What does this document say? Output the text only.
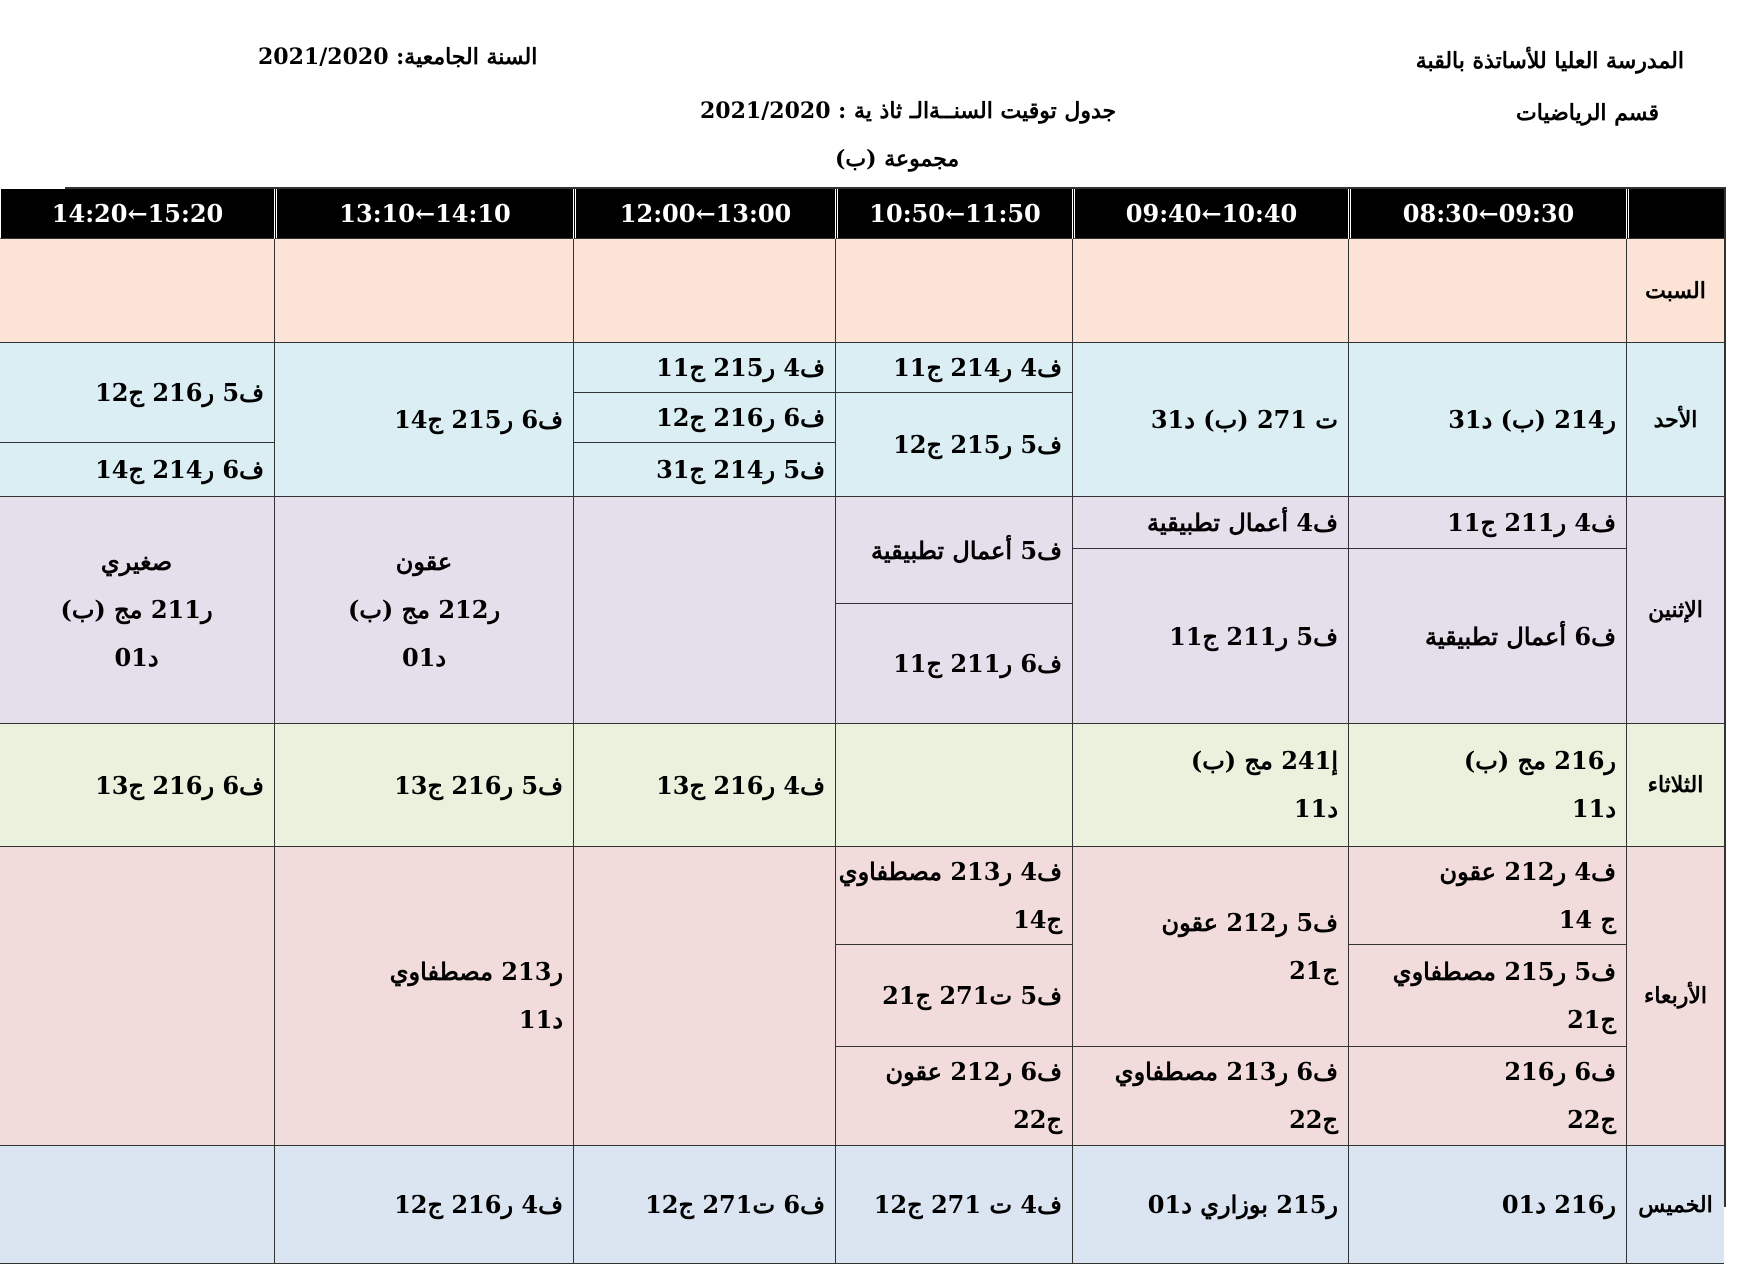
المدرسة العليا للأساتذة بالقبة
السنة الجامعية: 2021/2020
قسم الرياضيات
جدول توقيت السنــةالـ ثاذ ية : 2021/2020
مجموعة (ب)
09:30←08:30
10:40←09:40
11:50←10:50
13:00←12:00
14:10←13:10
15:20←14:20
السبت
الأحد
ر214 (ب) د31
ت 271 (ب) د31
ف4 ر214 ج11
ف5 ر215 ج12
ف4 ر215 ج11
ف6 ر216 ج12
ف5 ر214 ج31
ف6 ر215 ج14
ف5 ر216 ج12
ف6 ر214 ج14
الإثنين
ف4 ر211 ج11
ف6 أعمال تطبيقية
ف4 أعمال تطبيقية
ف5 ر211 ج11
ف5 أعمال تطبيقية
ف6 ر211 ج11
عقون
ر212 مج (ب)
د01
صغيري
ر211 مج (ب)
د01
الثلاثاء
ر216 مج (ب)
د11
إ241 مج (ب)
د11
ف4 ر216 ج13
ف5 ر216 ج13
ف6 ر216 ج13
الأربعاء
ف4 ر212 عقون
ج 14
ف5 ر215 مصطفاوي
ج21
ف6 ر216
ج22
ف5 ر212 عقون
ج21
ف6 ر213 مصطفاوي
ج22
ف4 ر213 مصطفاوي
ج14
ف5 ت271 ج21
ف6 ر212 عقون
ج22
ر213 مصطفاوي
د11
الخميس
ر216 د01
ر215 بوزاري د01
ف4 ت 271 ج12
ف6 ت271 ج12
ف4 ر216 ج12
